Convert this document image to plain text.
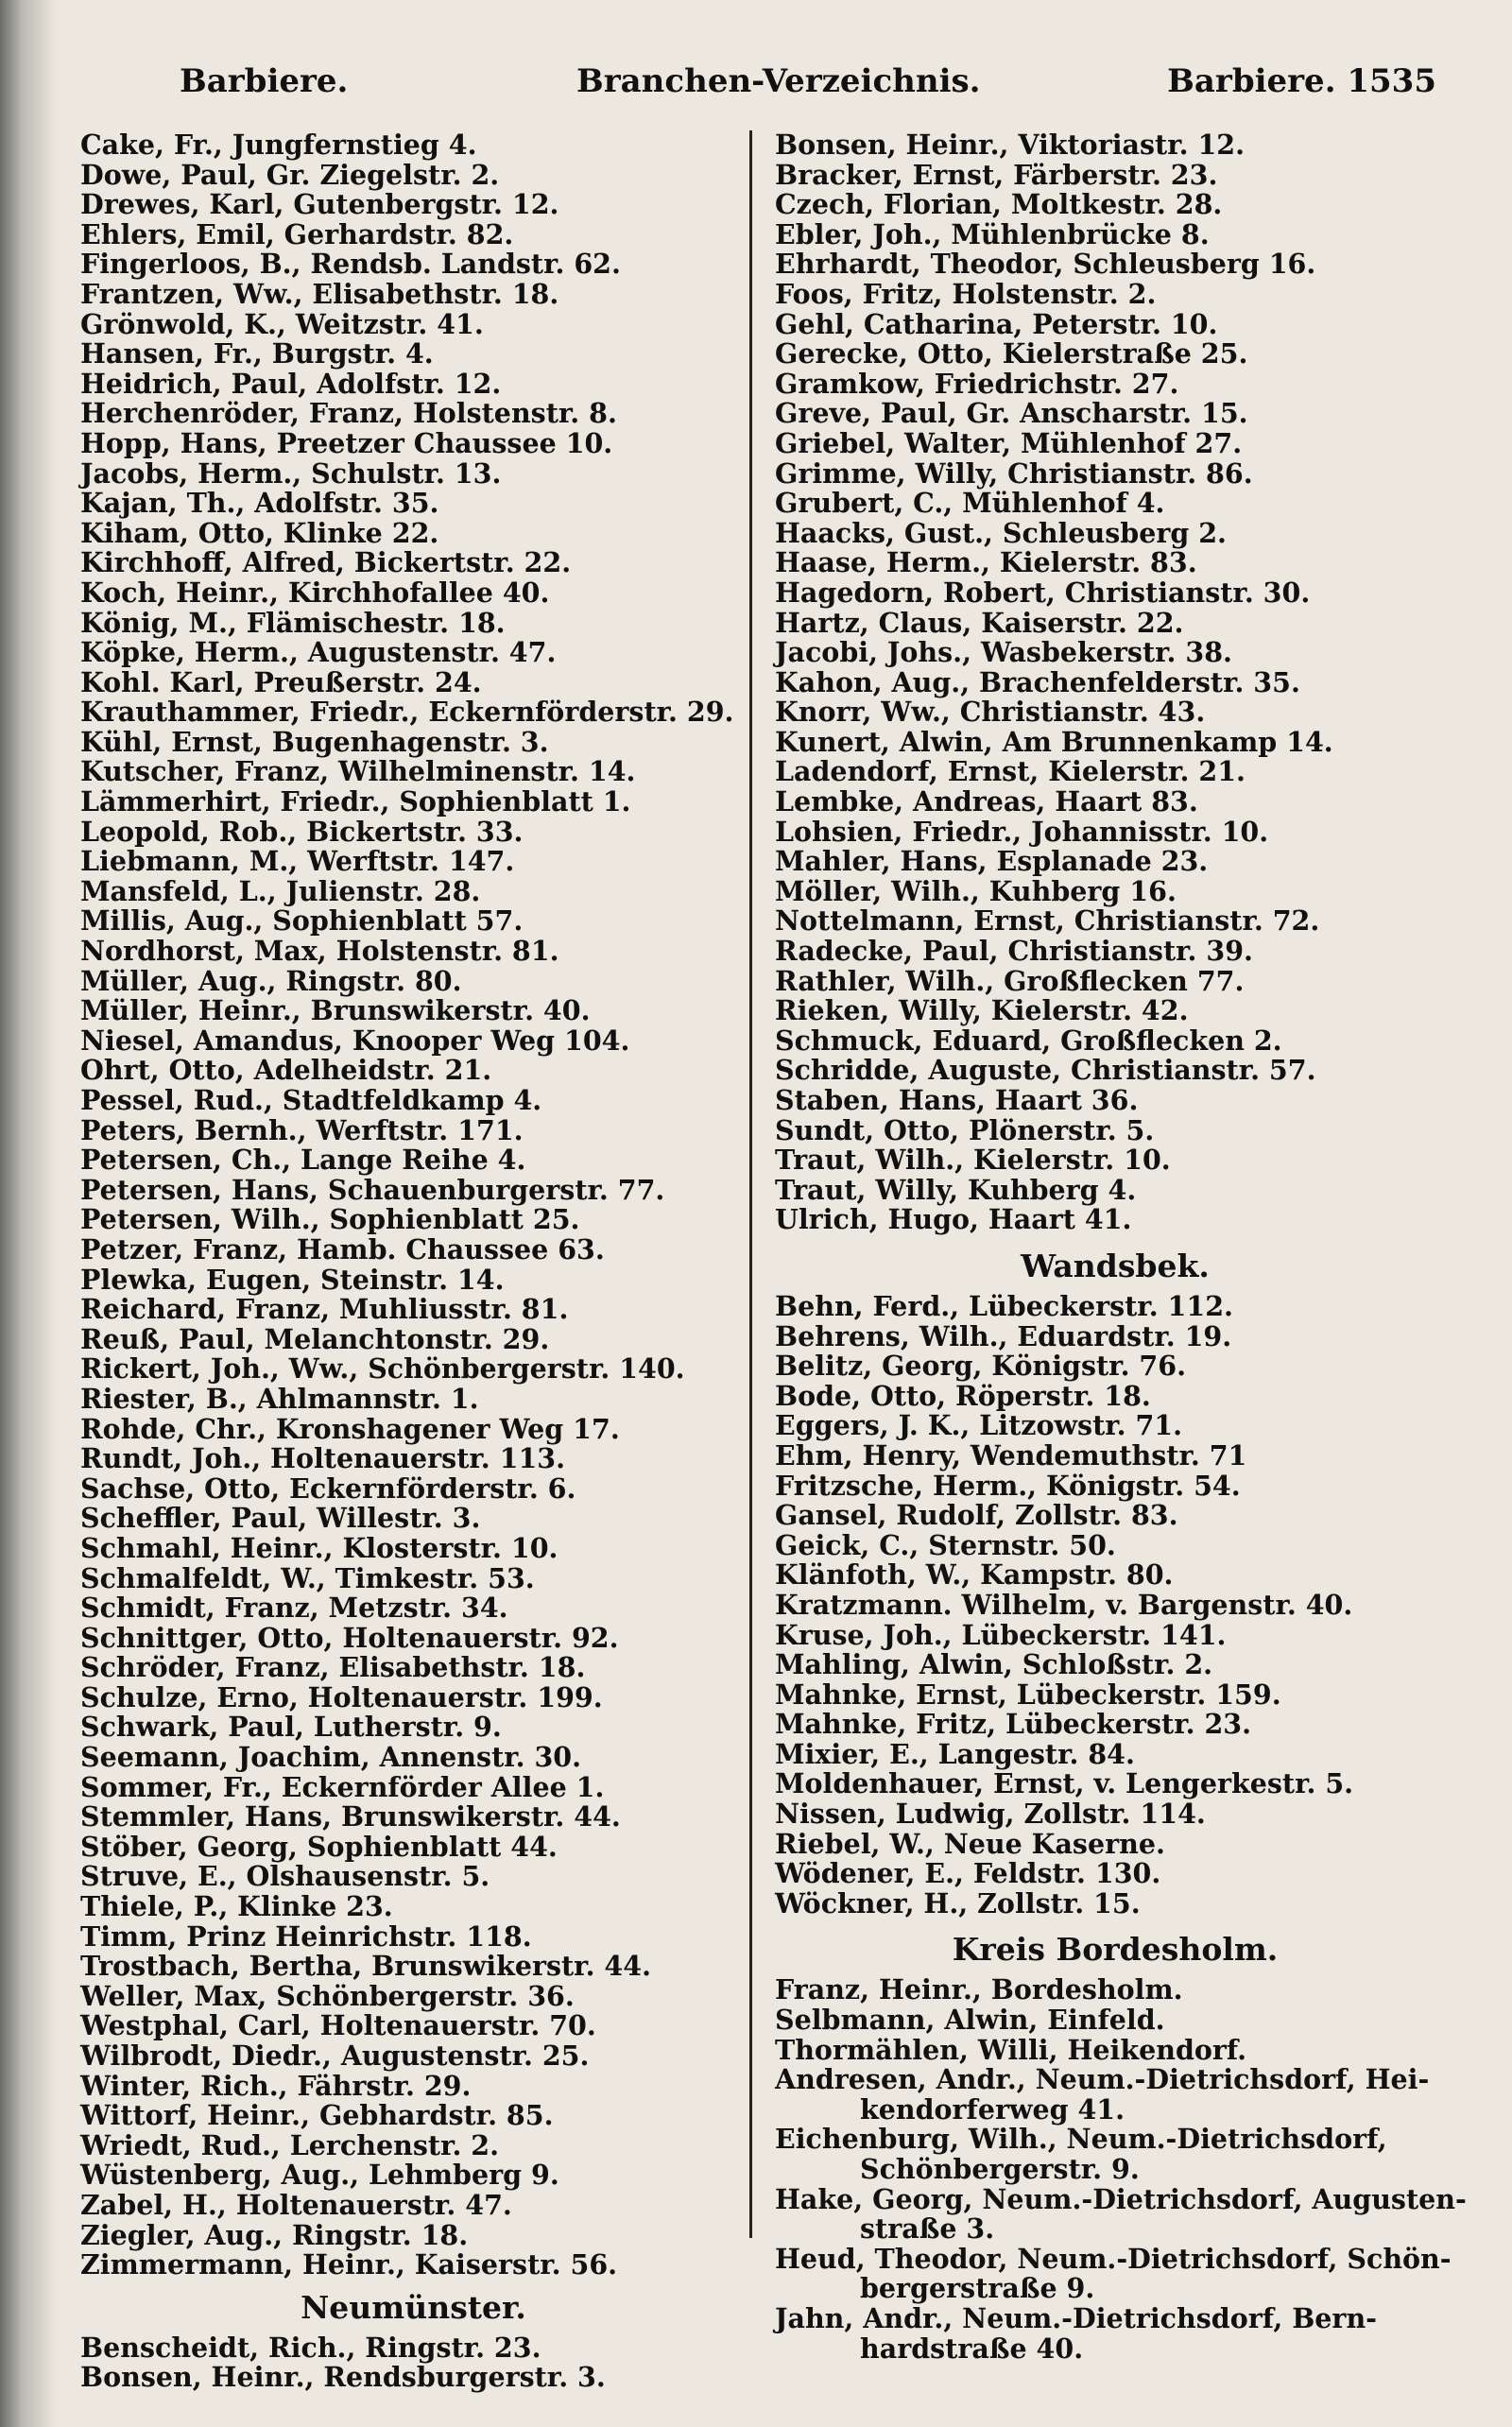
Barbiere.	Branchen-Verzeichnis.	Barbiere. 1535
Cake, Fr., Jungfernstieg 4.
Dowe, Paul, Gr. Ziegelstr. 2.
Drewes, Karl, Gutenbergstr. 12.
Ehlers, Emil, Gerhardstr. 82.
Fingerloos, B., Rendsb. Landstr. 62.
Frantzen, Ww., Elisabethstr. 18.
Grönwold, K., Weitzstr. 41.
Hansen, Fr., Burgstr. 4.
Heidrich, Paul, Adolfstr. 12.
Herchenröder, Franz, Holstenstr. 8.
Hopp, Hans, Preetzer Chaussee 10.
Jacobs, Herm., Schulstr. 13.
Kajan, Th., Adolfstr. 35.
Kiham, Otto, Klinke 22.
Kirchhoff, Alfred, Bickertstr. 22.
Koch, Heinr., Kirchhofallee 40.
König, M., Flämischestr. 18.
Köpke, Herm., Augustenstr. 47.
Kohl. Karl, Preußerstr. 24.
Krauthammer, Friedr., Eckernförderstr. 29.
Kühl, Ernst, Bugenhagenstr. 3.
Kutscher, Franz, Wilhelminenstr. 14.
Lämmerhirt, Friedr., Sophienblatt 1.
Leopold, Rob., Bickertstr. 33.
Liebmann, M., Werftstr. 147.
Mansfeld, L., Julienstr. 28.
Millis, Aug., Sophienblatt 57.
Nordhorst, Max, Holstenstr. 81.
Müller, Aug., Ringstr. 80.
Müller, Heinr., Brunswikerstr. 40.
Niesel, Amandus, Knooper Weg 104.
Ohrt, Otto, Adelheidstr. 21.
Pessel, Rud., Stadtfeldkamp 4.
Peters, Bernh., Werftstr. 171.
Petersen, Ch., Lange Reihe 4.
Petersen, Hans, Schauenburgerstr. 77.
Petersen, Wilh., Sophienblatt 25.
Petzer, Franz, Hamb. Chaussee 63.
Plewka, Eugen, Steinstr. 14.
Reichard, Franz, Muhliusstr. 81.
Reuß, Paul, Melanchtonstr. 29.
Rickert, Joh., Ww., Schönbergerstr. 140.
Riester, B., Ahlmannstr. 1.
Rohde, Chr., Kronshagener Weg 17.
Rundt, Joh., Holtenauerstr. 113.
Sachse, Otto, Eckernförderstr. 6.
Scheffler, Paul, Willestr. 3.
Schmahl, Heinr., Klosterstr. 10.
Schmalfeldt, W., Timkestr. 53.
Schmidt, Franz, Metzstr. 34.
Schnittger, Otto, Holtenauerstr. 92.
Schröder, Franz, Elisabethstr. 18.
Schulze, Erno, Holtenauerstr. 199.
Schwark, Paul, Lutherstr. 9.
Seemann, Joachim, Annenstr. 30.
Sommer, Fr., Eckernförder Allee 1.
Stemmler, Hans, Brunswikerstr. 44.
Stöber, Georg, Sophienblatt 44.
Struve, E., Olshausenstr. 5.
Thiele, P., Klinke 23.
Timm, Prinz Heinrichstr. 118.
Trostbach, Bertha, Brunswikerstr. 44.
Weller, Max, Schönbergerstr. 36.
Westphal, Carl, Holtenauerstr. 70.
Wilbrodt, Diedr., Augustenstr. 25.
Winter, Rich., Fährstr. 29.
Wittorf, Heinr., Gebhardstr. 85.
Wriedt, Rud., Lerchenstr. 2.
Wüstenberg, Aug., Lehmberg 9.
Zabel, H., Holtenauerstr. 47.
Ziegler, Aug., Ringstr. 18.
Zimmermann, Heinr., Kaiserstr. 56.
Neumünster.
Benscheidt, Rich., Ringstr. 23.
Bonsen, Heinr., Rendsburgerstr. 3.
Bonsen, Heinr., Viktoriastr. 12.
Bracker, Ernst, Färberstr. 23.
Czech, Florian, Moltkestr. 28.
Ebler, Joh., Mühlenbrücke 8.
Ehrhardt, Theodor, Schleusberg 16.
Foos, Fritz, Holstenstr. 2.
Gehl, Catharina, Peterstr. 10.
Gerecke, Otto, Kielerstraße 25.
Gramkow, Friedrichstr. 27.
Greve, Paul, Gr. Anscharstr. 15.
Griebel, Walter, Mühlenhof 27.
Grimme, Willy, Christianstr. 86.
Grubert, C., Mühlenhof 4.
Haacks, Gust., Schleusberg 2.
Haase, Herm., Kielerstr. 83.
Hagedorn, Robert, Christianstr. 30.
Hartz, Claus, Kaiserstr. 22.
Jacobi, Johs., Wasbekerstr. 38.
Kahon, Aug., Brachenfelderstr. 35.
Knorr, Ww., Christianstr. 43.
Kunert, Alwin, Am Brunnenkamp 14.
Ladendorf, Ernst, Kielerstr. 21.
Lembke, Andreas, Haart 83.
Lohsien, Friedr., Johannisstr. 10.
Mahler, Hans, Esplanade 23.
Möller, Wilh., Kuhberg 16.
Nottelmann, Ernst, Christianstr. 72.
Radecke, Paul, Christianstr. 39.
Rathler, Wilh., Großflecken 77.
Rieken, Willy, Kielerstr. 42.
Schmuck, Eduard, Großflecken 2.
Schridde, Auguste, Christianstr. 57.
Staben, Hans, Haart 36.
Sundt, Otto, Plönerstr. 5.
Traut, Wilh., Kielerstr. 10.
Traut, Willy, Kuhberg 4.
Ulrich, Hugo, Haart 41.
Wandsbek.
Behn, Ferd., Lübeckerstr. 112.
Behrens, Wilh., Eduardstr. 19.
Belitz, Georg, Königstr. 76.
Bode, Otto, Röperstr. 18.
Eggers, J. K., Litzowstr. 71.
Ehm, Henry, Wendemuthstr. 71
Fritzsche, Herm., Königstr. 54.
Gansel, Rudolf, Zollstr. 83.
Geick, C., Sternstr. 50.
Klänfoth, W., Kampstr. 80.
Kratzmann. Wilhelm, v. Bargenstr. 40.
Kruse, Joh., Lübeckerstr. 141.
Mahling, Alwin, Schloßstr. 2.
Mahnke, Ernst, Lübeckerstr. 159.
Mahnke, Fritz, Lübeckerstr. 23.
Mixier, E., Langestr. 84.
Moldenhauer, Ernst, v. Lengerkestr. 5.
Nissen, Ludwig, Zollstr. 114.
Riebel, W., Neue Kaserne.
Wödener, E., Feldstr. 130.
Wöckner, H., Zollstr. 15.
Kreis Bordesholm.
Franz, Heinr., Bordesholm.
Selbmann, Alwin, Einfeld.
Thormählen, Willi, Heikendorf.
Andresen, Andr., Neum.-Dietrichsdorf, Hei-
kendorferweg 41.
Eichenburg, Wilh., Neum.-Dietrichsdorf,
Schönbergerstr. 9.
Hake, Georg, Neum.-Dietrichsdorf, Augusten-
straße 3.
Heud, Theodor, Neum.-Dietrichsdorf, Schön-
bergerstraße 9.
Jahn, Andr., Neum.-Dietrichsdorf, Bern-
hardstraße 40.
